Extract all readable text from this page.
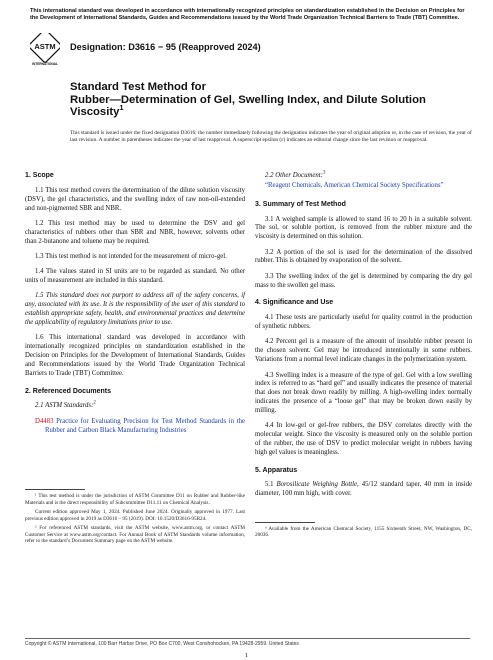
This international standard was developed in accordance with internationally recognized principles on standardization established in the Decision on Principles for the Development of International Standards, Guides and Recommendations issued by the World Trade Organization Technical Barriers to Trade (TBT) Committee.
ASTM
INTERNATIONAL
Designation: D3616 − 95 (Reapproved 2024)
Standard Test Method for
Rubber—Determination of Gel, Swelling Index, and Dilute Solution Viscosity$^1$
This standard is issued under the fixed designation D3616; the number immediately following the designation indicates the year of original adoption or, in the case of revision, the year of last revision. A number in parentheses indicates the year of last reapproval. A superscript epsilon (ε) indicates an editorial change since the last revision or reapproval.
1. Scope

1.1 This test method covers the determination of the dilute solution viscosity (DSV), the gel characteristics, and the swelling index of raw non-oil-extended and non-pigmented SBR and NBR.

1.2 This test method may be used to determine the DSV and gel characteristics of rubbers other than SBR and NBR, however, solvents other than 2-butanone and toluene may be required.

1.3 This test method is not intended for the measurement of micro-gel.

1.4 The values stated in SI units are to be regarded as standard. No other units of measurement are included in this standard.

1.5 This standard does not purport to address all of the safety concerns, if any, associated with its use. It is the responsibility of the user of this standard to establish appropriate safety, health, and environmental practices and determine the applicability of regulatory limitations prior to use.

1.6 This international standard was developed in accordance with internationally recognized principles on standardization established in the Decision on Principles for the Development of International Standards, Guides and Recommendations issued by the World Trade Organization Technical Barriers to Trade (TBT) Committee.

2. Referenced Documents

2.1 ASTM Standards:$^2$

D4483 Practice for Evaluating Precision for Test Method Standards in the Rubber and Carbon Black Manufacturing Industries

¹ This test method is under the jurisdiction of ASTM Committee D11 on Rubber and Rubber-like Materials and is the direct responsibility of Subcommittee D11.11 on Chemical Analysis.

Current edition approved May 1, 2024. Published June 2024. Originally approved in 1977. Last previous edition approved in 2019 as D3616 – 95 (2019). DOI: 10.1520/D3616-95R24.

² For referenced ASTM standards, visit the ASTM website, www.astm.org, or contact ASTM Customer Service at www.astm.org/contact. For Annual Book of ASTM Standards volume information, refer to the standard’s Document Summary page on the ASTM website.

2.2 Other Document:$^3$

“Reagent Chemicals, American Chemical Society Specifications”

3. Summary of Test Method

3.1 A weighed sample is allowed to stand 16 to 20 h in a suitable solvent. The sol, or soluble portion, is removed from the rubber mixture and the viscosity is determined on this solution.

3.2 A portion of the sol is used for the determination of the dissolved rubber. This is obtained by evaporation of the solvent.

3.3 The swelling index of the gel is determined by comparing the dry gel mass to the swollen gel mass.

4. Significance and Use

4.1 These tests are particularly useful for quality control in the production of synthetic rubbers.

4.2 Percent gel is a measure of the amount of insoluble rubber present in the chosen solvent. Gel may be introduced intentionally in some rubbers. Variations from a normal level indicate changes in the polymerization system.

4.3 Swelling index is a measure of the type of gel. Gel with a low swelling index is referred to as “hard gel” and usually indicates the presence of material that does not break down readily by milling. A high-swelling index normally indicates the presence of a “loose gel” that may be broken down easily by milling.

4.4 In low-gel or gel-free rubbers, the DSV correlates directly with the molecular weight. Since the viscosity is measured only on the soluble portion of the rubber, the use of DSV to predict molecular weight in rubbers having high gel values is meaningless.

5. Apparatus

5.1 Borosilicate Weighing Bottle, 45/12 standard taper, 40 mm in inside diameter, 100 mm high, with cover.

³ Available from the American Chemical Society, 1155 Sixteenth Street, NW, Washington, DC, 20036.

Copyright © ASTM International, 100 Barr Harbor Drive, PO Box C700, West Conshohocken, PA 19428-2959. United States
1
